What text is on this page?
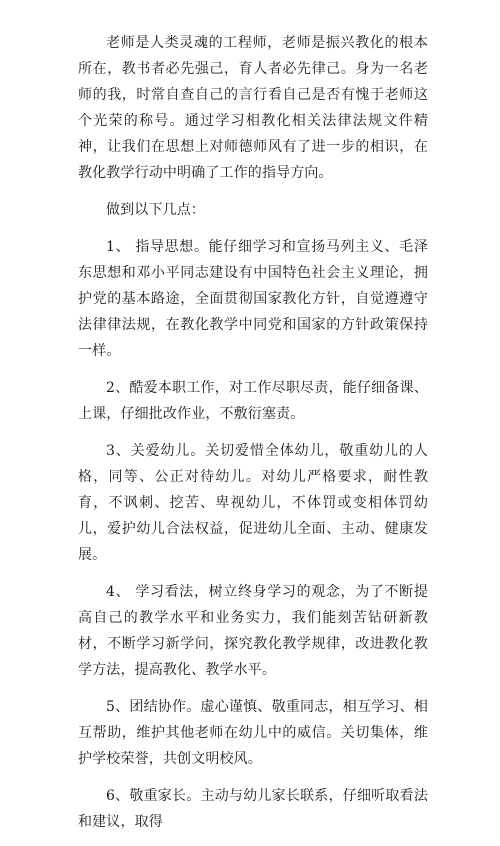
老师是人类灵魂的工程师，老师是振兴教化的根本所在，教书者必先强己，育人者必先律己。身为一名老师的我，时常自查自己的言行看自己是否有愧于老师这个光荣的称号。通过学习相教化相关法律法规文件精神，让我们在思想上对师德师风有了进一步的相识，在教化教学行动中明确了工作的指导方向。

做到以下几点：

1、 指导思想。能仔细学习和宣扬马列主义、毛泽东思想和邓小平同志建设有中国特色社会主义理论，拥护党的基本路途，全面贯彻国家教化方针，自觉遵遵守法律律法规，在教化教学中同党和国家的方针政策保持一样。

2、酷爱本职工作，对工作尽职尽责，能仔细备课、上课，仔细批改作业，不敷衍塞责。

3、关爱幼儿。关切爱惜全体幼儿，敬重幼儿的人格，同等、公正对待幼儿。对幼儿严格要求，耐性教育，不讽刺、挖苦、卑视幼儿，不体罚或变相体罚幼儿，爱护幼儿合法权益，促进幼儿全面、主动、健康发展。

4、 学习看法，树立终身学习的观念，为了不断提高自己的教学水平和业务实力，我们能刻苦钻研新教材，不断学习新学问，探究教化教学规律，改进教化教学方法，提高教化、教学水平。

5、团结协作。虚心谨慎、敬重同志，相互学习、相互帮助，维护其他老师在幼儿中的威信。关切集体，维护学校荣誉，共创文明校风。

6、敬重家长。主动与幼儿家长联系，仔细听取看法和建议，取得
